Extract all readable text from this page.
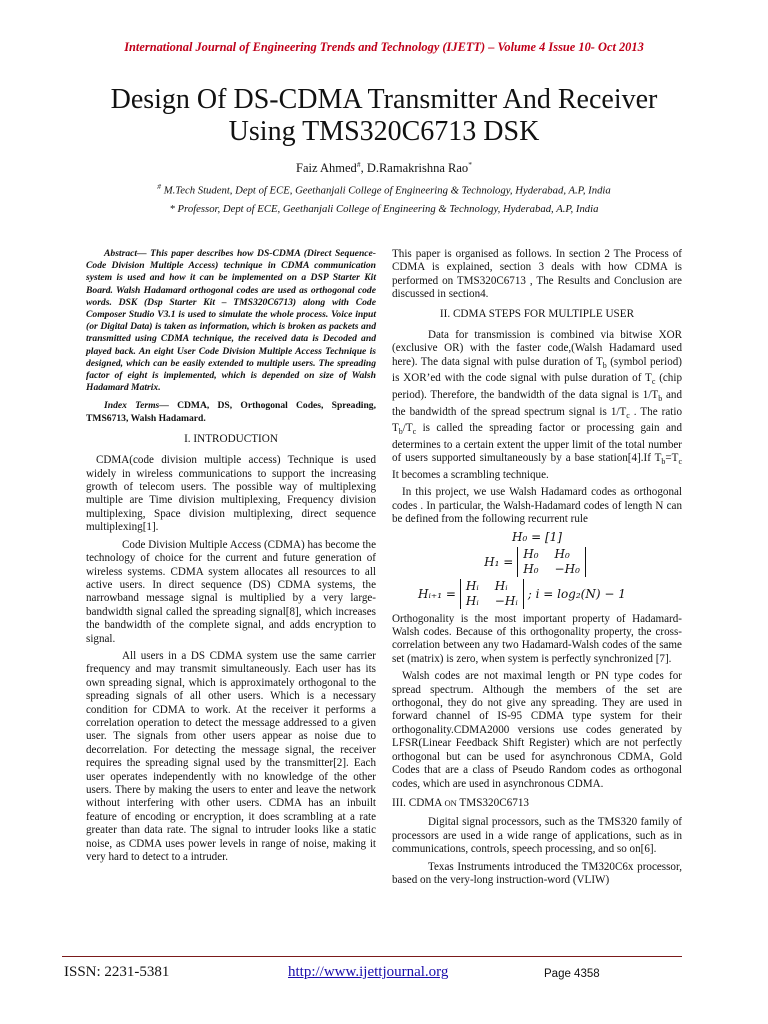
International Journal of Engineering Trends and Technology (IJETT) – Volume 4 Issue 10- Oct 2013
Design Of DS-CDMA Transmitter And Receiver
Using TMS320C6713 DSK
Faiz Ahmed#, D.Ramakrishna Rao*
# M.Tech Student, Dept of ECE, Geethanjali College of Engineering & Technology, Hyderabad, A.P, India
* Professor, Dept of ECE, Geethanjali College of Engineering & Technology, Hyderabad, A.P, India

Abstract— This paper describes how DS-CDMA (Direct Sequence-Code Division Multiple Access) technique in CDMA communication system is used and how it can be implemented on a DSP Starter Kit Board. Walsh Hadamard orthogonal codes are used as orthogonal code words. DSK (Dsp Starter Kit – TMS320C6713) along with Code Composer Studio V3.1 is used to simulate the whole process. Voice input (or Digital Data) is taken as information, which is broken as packets and transmitted using CDMA technique, the received data is Decoded and played back. An eight User Code Division Multiple Access Technique is designed, which can be easily extended to multiple users. The spreading factor of eight is implemented, which is depended on size of Walsh Hadamard Matrix.

Index Terms— CDMA, DS, Orthogonal Codes, Spreading, TMS6713, Walsh Hadamard.

I. INTRODUCTION

CDMA(code division multiple access) Technique is used widely in wireless communications to support the increasing growth of telecom users. The possible way of multiplexing multiple are Time division multiplexing, Frequency division multiplexing, Space division multiplexing, direct sequence multiplexing[1].

Code Division Multiple Access (CDMA) has become the technology of choice for the current and future generation of wireless systems. CDMA system allocates all resources to all active users. In direct sequence (DS) CDMA systems, the narrowband message signal is multiplied by a very large-bandwidth signal called the spreading signal[8], which increases the bandwidth of the complete signal, and adds encryption to signal.

All users in a DS CDMA system use the same carrier frequency and may transmit simultaneously. Each user has its own spreading signal, which is approximately orthogonal to the spreading signals of all other users. Which is a necessary condition for CDMA to work. At the receiver it performs a correlation operation to detect the message addressed to a given user. The signals from other users appear as noise due to decorrelation. For detecting the message signal, the receiver requires the spreading signal used by the transmitter[2]. Each user operates independently with no knowledge of the other users. There by making the users to enter and leave the network without interfering with other users. CDMA has an inbuilt feature of encoding or encryption, it does scrambling at a rate greater than data rate. The signal to intruder looks like a static noise, as CDMA uses power levels in range of noise, making it very hard to detect to a intruder.

This paper is organised as follows. In section 2 The Process of CDMA is explained, section 3 deals with how CDMA is performed on TMS320C6713 , The Results and Conclusion are discussed in section4.

II. CDMA STEPS FOR MULTIPLE USER

Data for transmission is combined via bitwise XOR (exclusive OR) with the faster code,(Walsh Hadamard used here). The data signal with pulse duration of $T_b$ (symbol period) is XOR’ed with the code signal with pulse duration of $T_c$ (chip period). Therefore, the bandwidth of the data signal is $1/T_b$ and the bandwidth of the spread spectrum signal is $1/T_c$ . The ratio $T_b/T_c$ is called the spreading factor or processing gain and determines to a certain extent the upper limit of the total number of users supported simultaneously by a base station[4].If $T_b=T_c$ It becomes a scrambling technique.

In this project, we use Walsh Hadamard codes as orthogonal codes . In particular, the Walsh-Hadamard codes of length N can be defined from the following recurrent rule

H₀ = [1]
H₁ =
H₀ H₀
H₀ −H₀
Hᵢ₊₁ =
Hᵢ Hᵢ
Hᵢ −Hᵢ ; i = log₂(N) − 1

Orthogonality is the most important property of Hadamard-Walsh codes. Because of this orthogonality property, the cross-correlation between any two Hadamard-Walsh codes of the same set (matrix) is zero, when system is perfectly synchronized [7].

Walsh codes are not maximal length or PN type codes for spread spectrum. Although the members of the set are orthogonal, they do not give any spreading. They are used in forward channel of IS-95 CDMA type system for their orthogonality.CDMA2000 versions use codes generated by LFSR(Linear Feedback Shift Register) which are not perfectly orthogonal but can be used for asynchronous CDMA, Gold Codes that are a class of Pseudo Random codes as orthogonal codes, which are used in asynchronous CDMA.

III. CDMA ON TMS320C6713

Digital signal processors, such as the TMS320 family of processors are used in a wide range of applications, such as in communications, controls, speech processing, and so on[6].

Texas Instruments introduced the TM320C6x processor, based on the very-long instruction-word (VLIW)

ISSN: 2231-5381	http://www.ijettjournal.org	Page 4358
